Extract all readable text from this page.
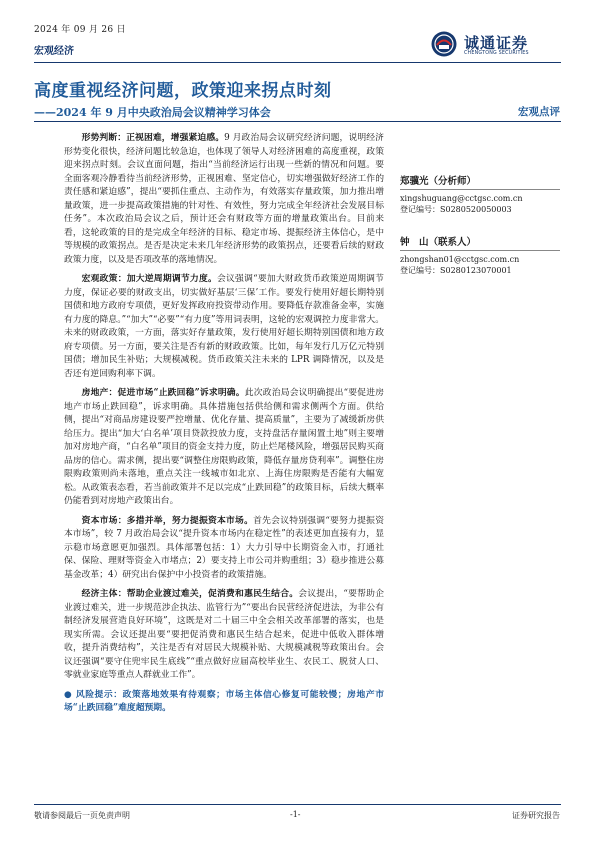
2024 年 09 月 26 日
宏观经济	诚通证券
CHENGTONG SECURITIES
高度重视经济问题，政策迎来拐点时刻
——2024 年 9 月中央政治局会议精神学习体会	宏观点评

形势判断：正视困难，增强紧迫感。9 月政治局会议研究经济问题，说明经济形势变化很快，经济问题比较急迫，也体现了领导人对经济困难的高度重视，政策迎来拐点时刻。会议直面问题，指出“当前经济运行出现一些新的情况和问题。要全面客观冷静看待当前经济形势，正视困难、坚定信心，切实增强做好经济工作的责任感和紧迫感”，提出“要抓住重点、主动作为，有效落实存量政策，加力推出增量政策，进一步提高政策措施的针对性、有效性，努力完成全年经济社会发展目标任务”。本次政治局会议之后，预计还会有财政等方面的增量政策出台。目前来看，这轮政策的目的是完成全年经济的目标、稳定市场、提振经济主体信心，是中等规模的政策拐点。是否是决定未来几年经济形势的政策拐点，还要看后续的财政政策力度，以及是否项改革的落地情况。

宏观政策：加大逆周期调节力度。会议强调“要加大财政货币政策逆周期调节力度，保证必要的财政支出，切实做好基层‘三保’工作。要发行使用好超长期特别国债和地方政府专项债，更好发挥政府投资带动作用。要降低存款准备金率，实施有力度的降息。”“加大”“必要”“有力度”等用词表明，这轮的宏观调控力度非常大。未来的财政政策，一方面，落实好存量政策，发行使用好超长期特别国债和地方政府专项债。另一方面，要关注是否有新的财政政策。比如，每年发行几万亿元特别国债；增加民生补贴；大规模减税。货币政策关注未来的 LPR 调降情况，以及是否还有逆回购利率下调。

房地产：促进市场“止跌回稳”诉求明确。此次政治局会议明确提出“要促进房地产市场止跌回稳”，诉求明确。具体措施包括供给侧和需求侧两个方面。供给侧，提出“对商品房建设要严控增量、优化存量、提高质量”，主要为了减缓新房供给压力。提出“加大‘白名单’项目贷款投放力度，支持盘活存量闲置土地”则主要增加对房地产商，“白名单”项目的资金支持力度，防止烂尾楼风险，增强居民购买商品房的信心。需求侧，提出要“调整住房限购政策，降低存量房贷利率”。调整住房限购政策则尚未落地，重点关注一线城市如北京、上海住房限购是否能有大幅宽松。从政策表态看，若当前政策并不足以完成“止跌回稳”的政策目标，后续大概率仍能看到对房地产政策出台。

资本市场：多措并举，努力提振资本市场。首先会议特别强调“要努力提振资本市场”，较 7 月政治局会议“提升资本市场内在稳定性”的表述更加直接有力，显示稳市场意愿更加强烈。具体部署包括：1）大力引导中长期资金入市，打通社保、保险、理财等资金入市堵点；2）要支持上市公司并购重组；3）稳步推进公募基金改革；4）研究出台保护中小投资者的政策措施。

经济主体：帮助企业渡过难关，促消费和惠民生结合。会议提出，“要帮助企业渡过难关，进一步规范涉企执法、监管行为”“要出台民营经济促进法，为非公有制经济发展营造良好环境”，这既是对二十届三中全会相关改革部署的落实，也是现实所需。会议还提出要“要把促消费和惠民生结合起来，促进中低收入群体增收，提升消费结构”，关注是否有对居民大规模补贴、大规模减税等政策出台。会议还强调“要守住兜牢民生底线”“重点做好应届高校毕业生、农民工、脱贫人口、零就业家庭等重点人群就业工作”。

● 风险提示：政策落地效果有待观察；市场主体信心修复可能较慢；房地产市场“止跌回稳”难度超预期。

郑骥光（分析师）
xingshuguang@cctgsc.com.cn
登记编号：S0280520050003
钟　山（联系人）
zhongshan01@cctgsc.com.cn
登记编号：S0280123070001
敬请参阅最后一页免责声明	-1-	证券研究报告
